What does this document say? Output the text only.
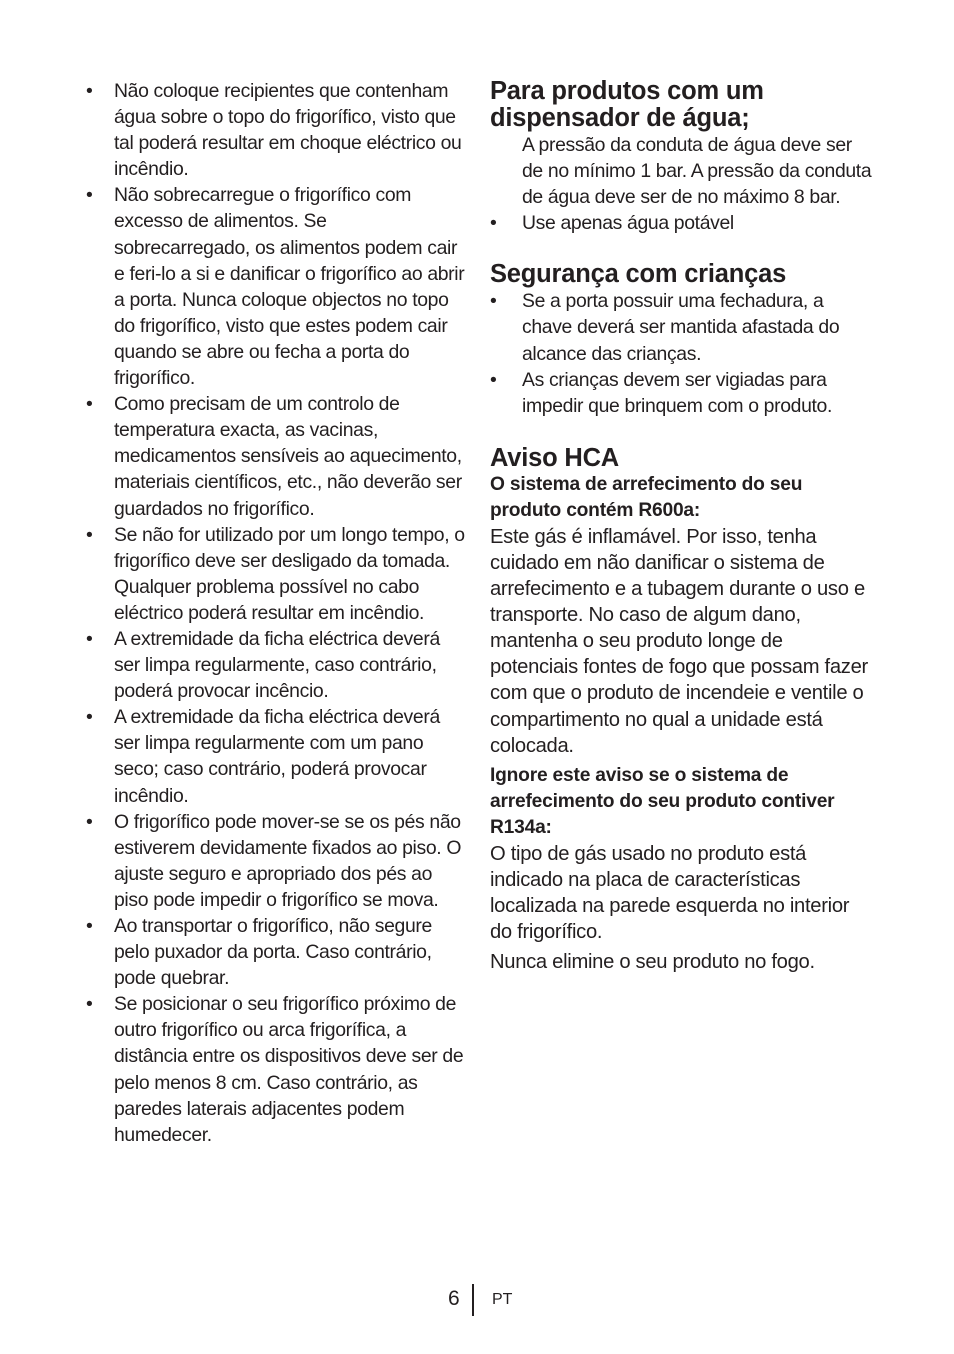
• Não coloque recipientes que contenham água sobre o topo do frigorífico, visto que tal poderá resultar em choque eléctrico ou incêndio.
• Não sobrecarregue o frigorífico com excesso de alimentos. Se sobrecarregado, os alimentos podem cair e feri-lo a si e danificar o frigorífico ao abrir a porta. Nunca coloque objectos no topo do frigorífico, visto que estes podem cair quando se abre ou fecha a porta do frigorífico.
• Como precisam de um controlo de temperatura exacta, as vacinas, medicamentos sensíveis ao aquecimento, materiais científicos, etc., não deverão ser guardados no frigorífico.
• Se não for utilizado por um longo tempo, o frigorífico deve ser desligado da tomada. Qualquer problema possível no cabo eléctrico poderá resultar em incêndio.
• A extremidade da ficha eléctrica deverá ser limpa regularmente, caso contrário, poderá provocar incêncio.
• A extremidade da ficha eléctrica deverá ser limpa regularmente com um pano seco; caso contrário, poderá provocar incêndio.
• O frigorífico pode mover-se se os pés não estiverem devidamente fixados ao piso. O ajuste seguro e apropriado dos pés ao piso pode impedir o frigorífico se mova.
• Ao transportar o frigorífico, não segure pelo puxador da porta. Caso contrário, pode quebrar.
• Se posicionar o seu frigorífico próximo de outro frigorífico ou arca frigorífica, a distância entre os dispositivos deve ser de pelo menos 8 cm. Caso contrário, as paredes laterais adjacentes podem humedecer.
Para produtos com um dispensador de água;

A pressão da conduta de água deve ser de no mínimo 1 bar. A pressão da conduta de água deve ser de no máximo 8 bar.

• Use apenas água potável
Segurança com crianças
• Se a porta possuir uma fechadura, a chave deverá ser mantida afastada do alcance das crianças.
• As crianças devem ser vigiadas para impedir que brinquem com o produto.
Aviso HCA

O sistema de arrefecimento do seu produto contém R600a:

Este gás é inflamável. Por isso, tenha cuidado em não danificar o sistema de arrefecimento e a tubagem durante o uso e transporte. No caso de algum dano, mantenha o seu produto longe de potenciais fontes de fogo que possam fazer com que o produto de incendeie e ventile o compartimento no qual a unidade está colocada.

Ignore este aviso se o sistema de arrefecimento do seu produto contiver R134a:

O tipo de gás usado no produto está indicado na placa de características localizada na parede esquerda no interior do frigorífico.

Nunca elimine o seu produto no fogo.

6 PT
